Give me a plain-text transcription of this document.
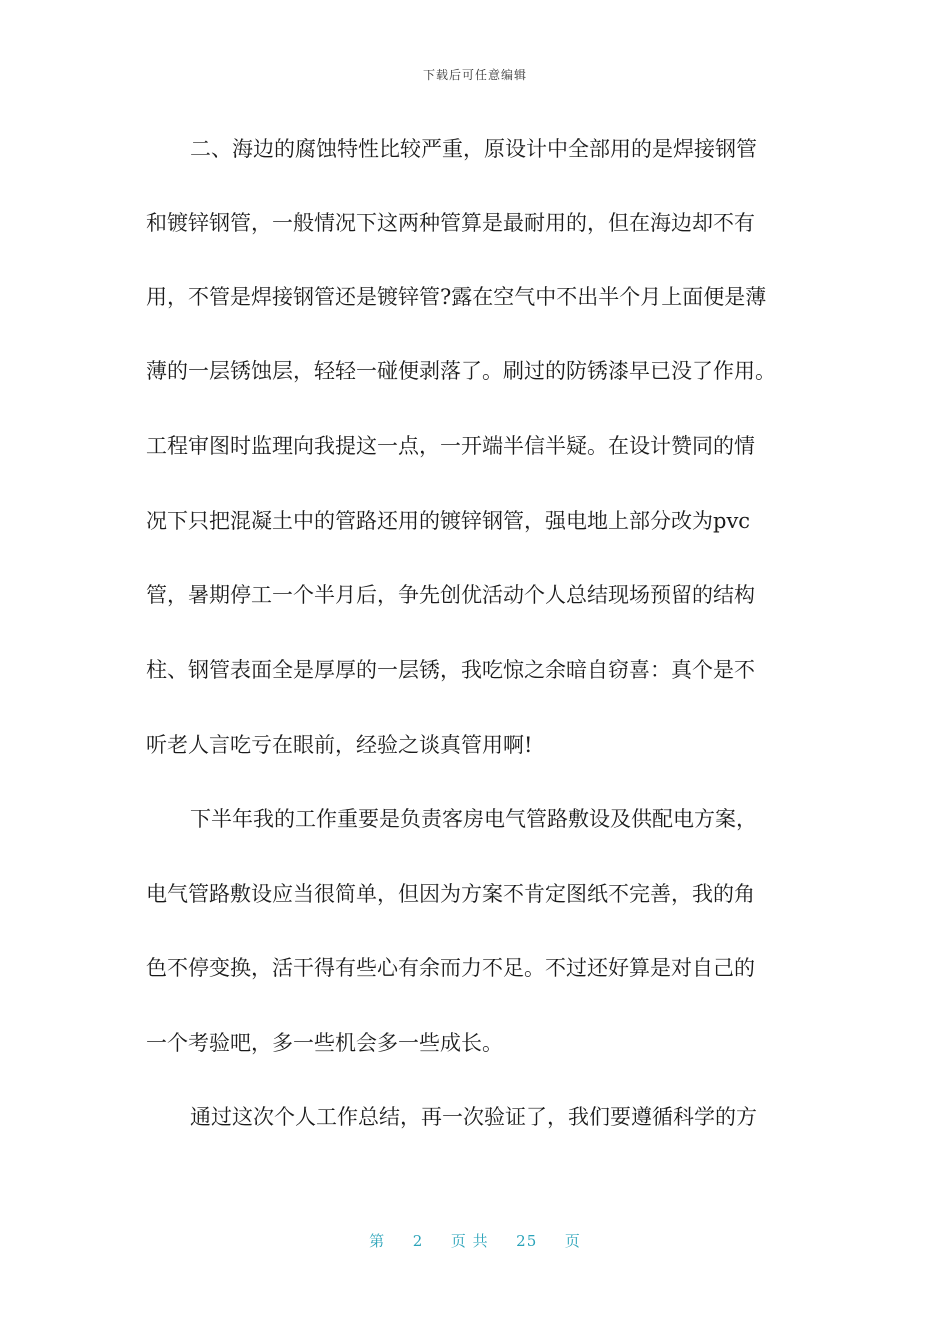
下载后可任意编辑
二、海边的腐蚀特性比较严重，原设计中全部用的是焊接钢管
和镀锌钢管，一般情况下这两种管算是最耐用的，但在海边却不有
用，不管是焊接钢管还是镀锌管?露在空气中不出半个月上面便是薄
薄的一层锈蚀层，轻轻一碰便剥落了。刷过的防锈漆早已没了作用。
工程审图时监理向我提这一点，一开端半信半疑。在设计赞同的情
况下只把混凝土中的管路还用的镀锌钢管，强电地上部分改为pvc
管，暑期停工一个半月后，争先创优活动个人总结现场预留的结构
柱、钢管表面全是厚厚的一层锈，我吃惊之余暗自窃喜：真个是不
听老人言吃亏在眼前，经验之谈真管用啊!
下半年我的工作重要是负责客房电气管路敷设及供配电方案，
电气管路敷设应当很简单，但因为方案不肯定图纸不完善，我的角
色不停变换，活干得有些心有余而力不足。不过还好算是对自己的
一个考验吧，多一些机会多一些成长。
通过这次个人工作总结，再一次验证了，我们要遵循科学的方
第 2 页 共 25 页
